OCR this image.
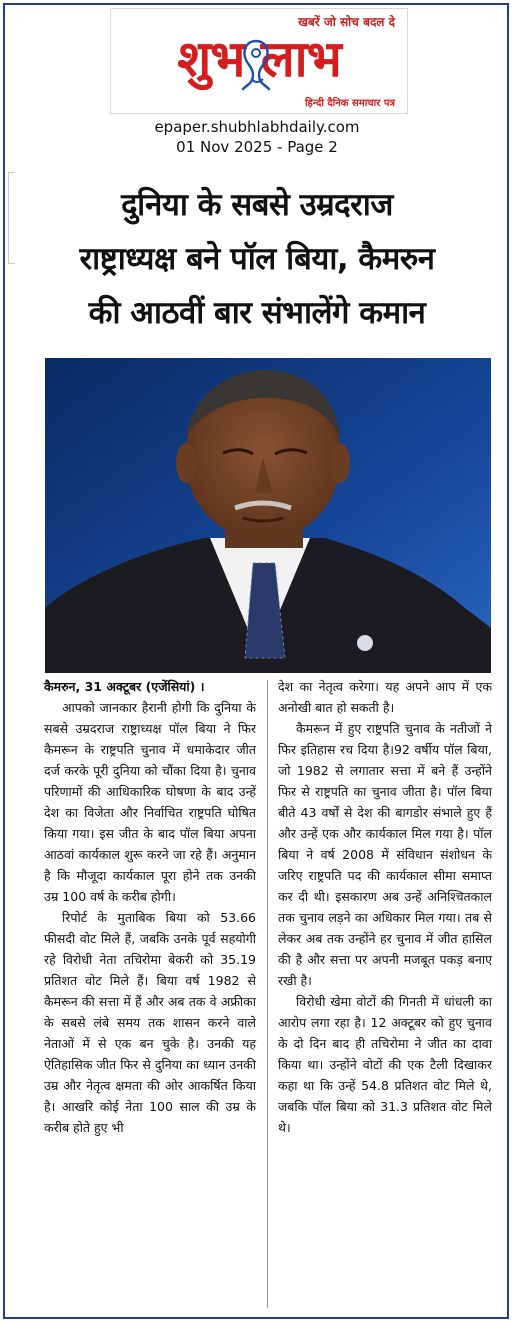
खबरें जो सोच बदल दे
शुभ लाभ
हिन्दी दैनिक समाचार पत्र
epaper.shubhlabhdaily.com
01 Nov 2025 - Page 2
दुनिया के सबसे उम्रदराज
राष्ट्राध्यक्ष बने पॉल बिया, कैमरुन
की आठवीं बार संभालेंगे कमान
कैमरुन, 31 अक्टूबर (एजेंसियां) ।

आपको जानकार हैरानी होगी कि दुनिया के सबसे उम्रदराज राष्ट्राध्यक्ष पॉल बिया ने फिर कैमरून के राष्ट्रपति चुनाव में धमाकेदार जीत दर्ज करके पूरी दुनिया को चौंका दिया है। चुनाव परिणामों की आधिकारिक घोषणा के बाद उन्हें देश का विजेता और निर्वाचित राष्ट्रपति घोषित किया गया। इस जीत के बाद पॉल बिया अपना आठवां कार्यकाल शुरू करने जा रहे हैं। अनुमान है कि मौजूदा कार्यकाल पूरा होने तक उनकी उम्र 100 वर्ष के करीब होगी।

रिपोर्ट के मुताबिक बिया को 53.66 फीसदी वोट मिले हैं, जबकि उनके पूर्व सहयोगी रहे विरोधी नेता तचिरोमा बेकरी को 35.19 प्रतिशत वोट मिले हैं। बिया वर्ष 1982 से कैमरून की सत्ता में हैं और अब तक वे अफ्रीका के सबसे लंबे समय तक शासन करने वाले नेताओं में से एक बन चुके है। उनकी यह ऐतिहासिक जीत फिर से दुनिया का ध्यान उनकी उम्र और नेतृत्व क्षमता की ओर आकर्षित किया है। आखरि कोई नेता 100 साल की उम्र के करीब होते हुए भी

देश का नेतृत्व करेगा। यह अपने आप में एक अनोखी बात हो सकती है।

कैमरून में हुए राष्ट्रपति चुनाव के नतीजों ने फिर इतिहास रच दिया है।92 वर्षीय पॉल बिया, जो 1982 से लगातार सत्ता में बने हैं उन्होंने फिर से राष्ट्रपति का चुनाव जीता है। पॉल बिया बीते 43 वर्षों से देश की बागडोर संभाले हुए हैं और उन्हें एक और कार्यकाल मिल गया है। पॉल बिया ने वर्ष 2008 में संविधान संशोधन के जरिए राष्ट्रपति पद की कार्यकाल सीमा समाप्त कर दी थी। इसकारण अब उन्हें अनिश्चितकाल तक चुनाव लड़ने का अधिकार मिल गया। तब से लेकर अब तक उन्होंने हर चुनाव में जीत हासिल की है और सत्ता पर अपनी मजबूत पकड़ बनाए रखी है।

विरोधी खेमा वोटों की गिनती में धांधली का आरोप लगा रहा है। 12 अक्टूबर को हुए चुनाव के दो दिन बाद ही तचिरोमा ने जीत का दावा किया था। उन्होंने वोटों की एक टैली दिखाकर कहा था कि उन्हें 54.8 प्रतिशत वोट मिले थे, जबकि पॉल बिया को 31.3 प्रतिशत वोट मिले थे।
